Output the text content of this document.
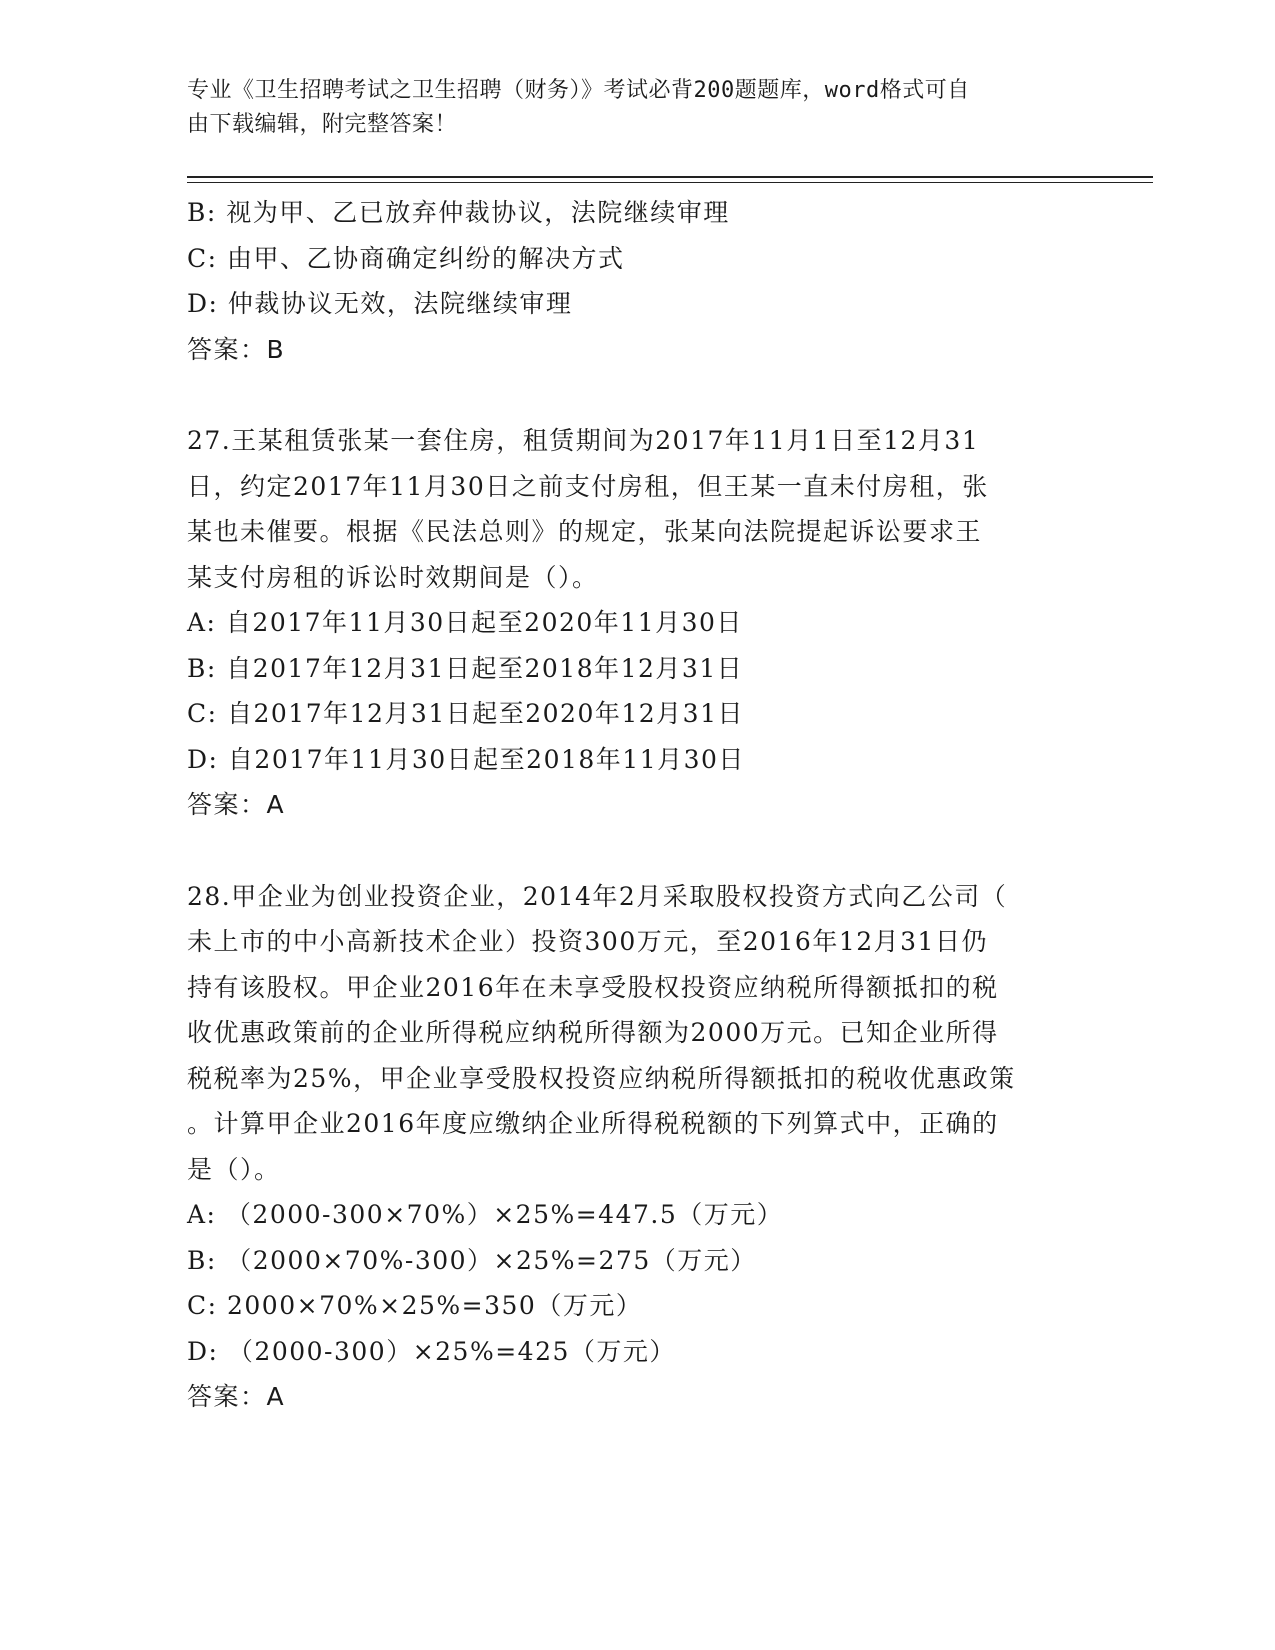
专业《卫生招聘考试之卫生招聘（财务）》考试必背200题题库，word格式可自
由下载编辑，附完整答案！
B: 视为甲、乙已放弃仲裁协议，法院继续审理
C: 由甲、乙协商确定纠纷的解决方式
D: 仲裁协议无效，法院继续审理
答案：B
27.王某租赁张某一套住房，租赁期间为2017年11月1日至12月31
日，约定2017年11月30日之前支付房租，但王某一直未付房租，张
某也未催要。根据《民法总则》的规定，张某向法院提起诉讼要求王
某支付房租的诉讼时效期间是（）。
A: 自2017年11月30日起至2020年11月30日
B: 自2017年12月31日起至2018年12月31日
C: 自2017年12月31日起至2020年12月31日
D: 自2017年11月30日起至2018年11月30日
答案：A
28.甲企业为创业投资企业，2014年2月采取股权投资方式向乙公司（
未上市的中小高新技术企业）投资300万元，至2016年12月31日仍
持有该股权。甲企业2016年在未享受股权投资应纳税所得额抵扣的税
收优惠政策前的企业所得税应纳税所得额为2000万元。已知企业所得
税税率为25%，甲企业享受股权投资应纳税所得额抵扣的税收优惠政策
。计算甲企业2016年度应缴纳企业所得税税额的下列算式中，正确的
是（）。
A: （2000-300×70%）×25%=447.5（万元）
B: （2000×70%-300）×25%=275（万元）
C: 2000×70%×25%=350（万元）
D: （2000-300）×25%=425（万元）
答案：A
